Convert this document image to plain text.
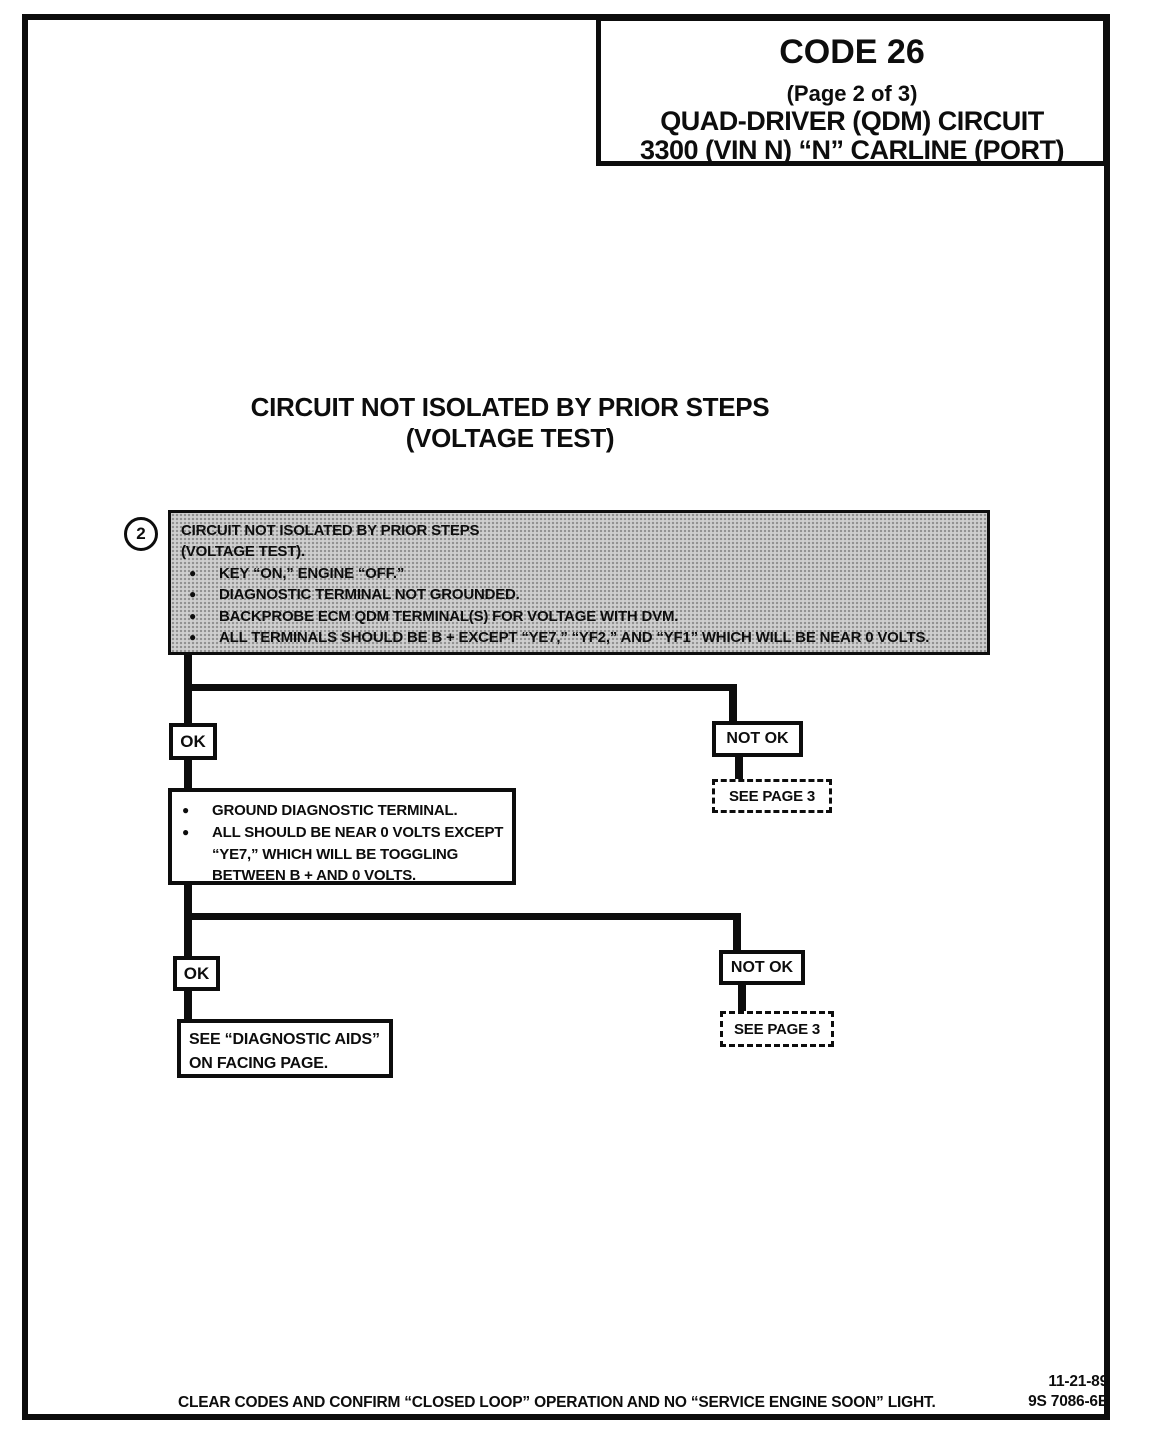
CODE 26
(Page 2 of 3)
QUAD-DRIVER (QDM) CIRCUIT
3300 (VIN N) “N” CARLINE (PORT)
CIRCUIT NOT ISOLATED BY PRIOR STEPS
(VOLTAGE TEST)
2 CIRCUIT NOT ISOLATED BY PRIOR STEPS
(VOLTAGE TEST).
●
KEY “ON,” ENGINE “OFF.”
●
DIAGNOSTIC TERMINAL NOT GROUNDED.
●
BACKPROBE ECM QDM TERMINAL(S) FOR VOLTAGE WITH DVM.
●
ALL TERMINALS SHOULD BE B + EXCEPT “YE7,” “YF2,” AND “YF1” WHICH WILL BE NEAR 0 VOLTS.
OK	NOT OK
SEE PAGE 3
●
GROUND DIAGNOSTIC TERMINAL.
●
ALL SHOULD BE NEAR 0 VOLTS EXCEPT “YE7,” WHICH WILL BE TOGGLING BETWEEN B + AND 0 VOLTS.
OK	NOT OK
SEE PAGE 3
SEE “DIAGNOSTIC AIDS”
ON FACING PAGE.
CLEAR CODES AND CONFIRM “CLOSED LOOP” OPERATION AND NO “SERVICE ENGINE SOON” LIGHT.
11-21-89
9S 7086-6E
